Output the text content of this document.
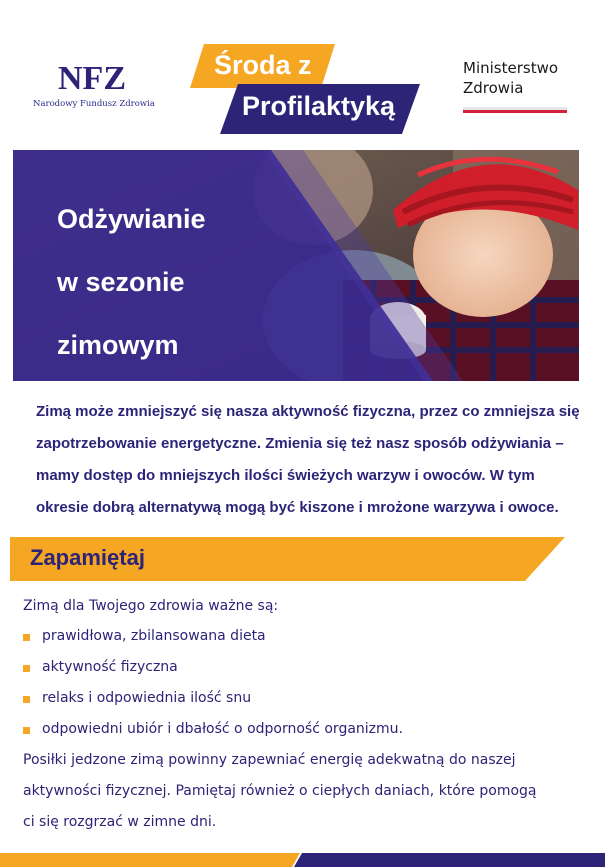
NFZ
Narodowy Fundusz Zdrowia
Środa z
Profilaktyką
Ministerstwo
Zdrowia
Odżywianie
w sezonie
zimowym
Zimą może zmniejszyć się nasza aktywność fizyczna, przez co zmniejsza się
zapotrzebowanie energetyczne. Zmienia się też nasz sposób odżywiania –
mamy dostęp do mniejszych ilości świeżych warzyw i owoców. W tym
okresie dobrą alternatywą mogą być kiszone i mrożone warzywa i owoce.
Zapamiętaj
Zimą dla Twojego zdrowia ważne są:
prawidłowa, zbilansowana dieta
aktywność fizyczna
relaks i odpowiednia ilość snu
odpowiedni ubiór i dbałość o odporność organizmu.
Posiłki jedzone zimą powinny zapewniać energię adekwatną do naszej
aktywności fizycznej. Pamiętaj również o ciepłych daniach, które pomogą
ci się rozgrzać w zimne dni.
